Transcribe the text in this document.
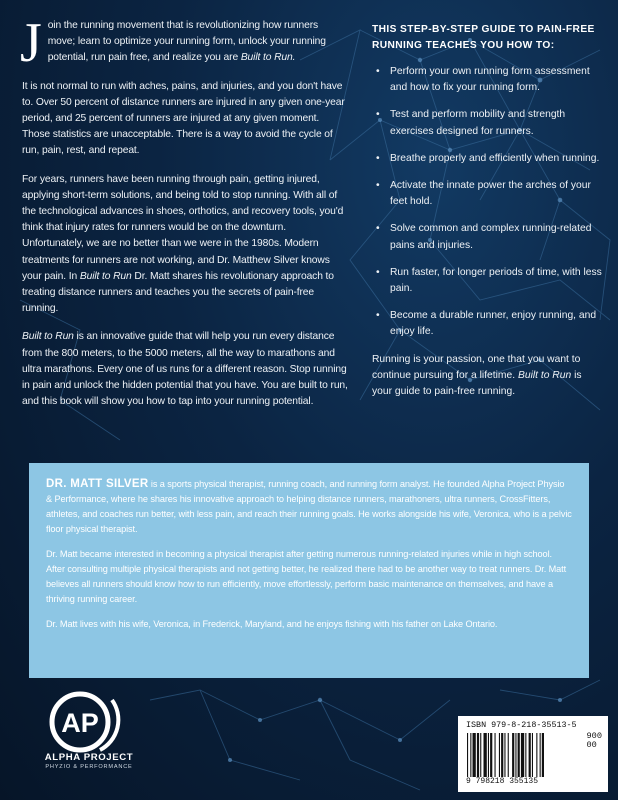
Join the running movement that is revolutionizing how runners move; learn to optimize your running form, unlock your running potential, run pain free, and realize you are Built to Run.

It is not normal to run with aches, pains, and injuries, and you don't have to. Over 50 percent of distance runners are injured in any given one-year period, and 25 percent of runners are injured at any given moment. Those statistics are unacceptable. There is a way to avoid the cycle of run, pain, rest, and repeat.

For years, runners have been running through pain, getting injured, applying short-term solutions, and being told to stop running. With all of the technological advances in shoes, orthotics, and recovery tools, you'd think that injury rates for runners would be on the downturn. Unfortunately, we are no better than we were in the 1980s. Modern treatments for runners are not working, and Dr. Matthew Silver knows your pain. In Built to Run Dr. Matt shares his revolutionary approach to treating distance runners and teaches you the secrets of pain-free running.

Built to Run is an innovative guide that will help you run every distance from the 800 meters, to the 5000 meters, all the way to marathons and ultra marathons. Every one of us runs for a different reason. Stop running in pain and unlock the hidden potential that you have. You are built to run, and this book will show you how to tap into your running potential.

THIS STEP-BY-STEP GUIDE TO PAIN-FREE RUNNING TEACHES YOU HOW TO:
• Perform your own running form assessment and how to fix your running form.
• Test and perform mobility and strength exercises designed for runners.
• Breathe properly and efficiently when running.
• Activate the innate power the arches of your feet hold.
• Solve common and complex running-related pains and injuries.
• Run faster, for longer periods of time, with less pain.
• Become a durable runner, enjoy running, and enjoy life.

Running is your passion, one that you want to continue pursuing for a lifetime. Built to Run is your guide to pain-free running.

DR. MATT SILVER is a sports physical therapist, running coach, and running form analyst. He founded Alpha Project Physio & Performance, where he shares his innovative approach to helping distance runners, marathoners, ultra runners, CrossFitters, athletes, and coaches run better, with less pain, and reach their running goals. He works alongside his wife, Veronica, who is a pelvic floor physical therapist.

Dr. Matt became interested in becoming a physical therapist after getting numerous running-related injuries while in high school. After consulting multiple physical therapists and not getting better, he realized there had to be another way to treat runners. Dr. Matt believes all runners should know how to run efficiently, move effortlessly, perform basic maintenance on themselves, and have a thriving running career.

Dr. Matt lives with his wife, Veronica, in Frederick, Maryland, and he enjoys fishing with his father on Lake Ontario.

AP
ALPHA PROJECT
PHYZIO & PERFORMANCE
ISBN 979-8-218-35513-5
900
00
9 798218 355135
